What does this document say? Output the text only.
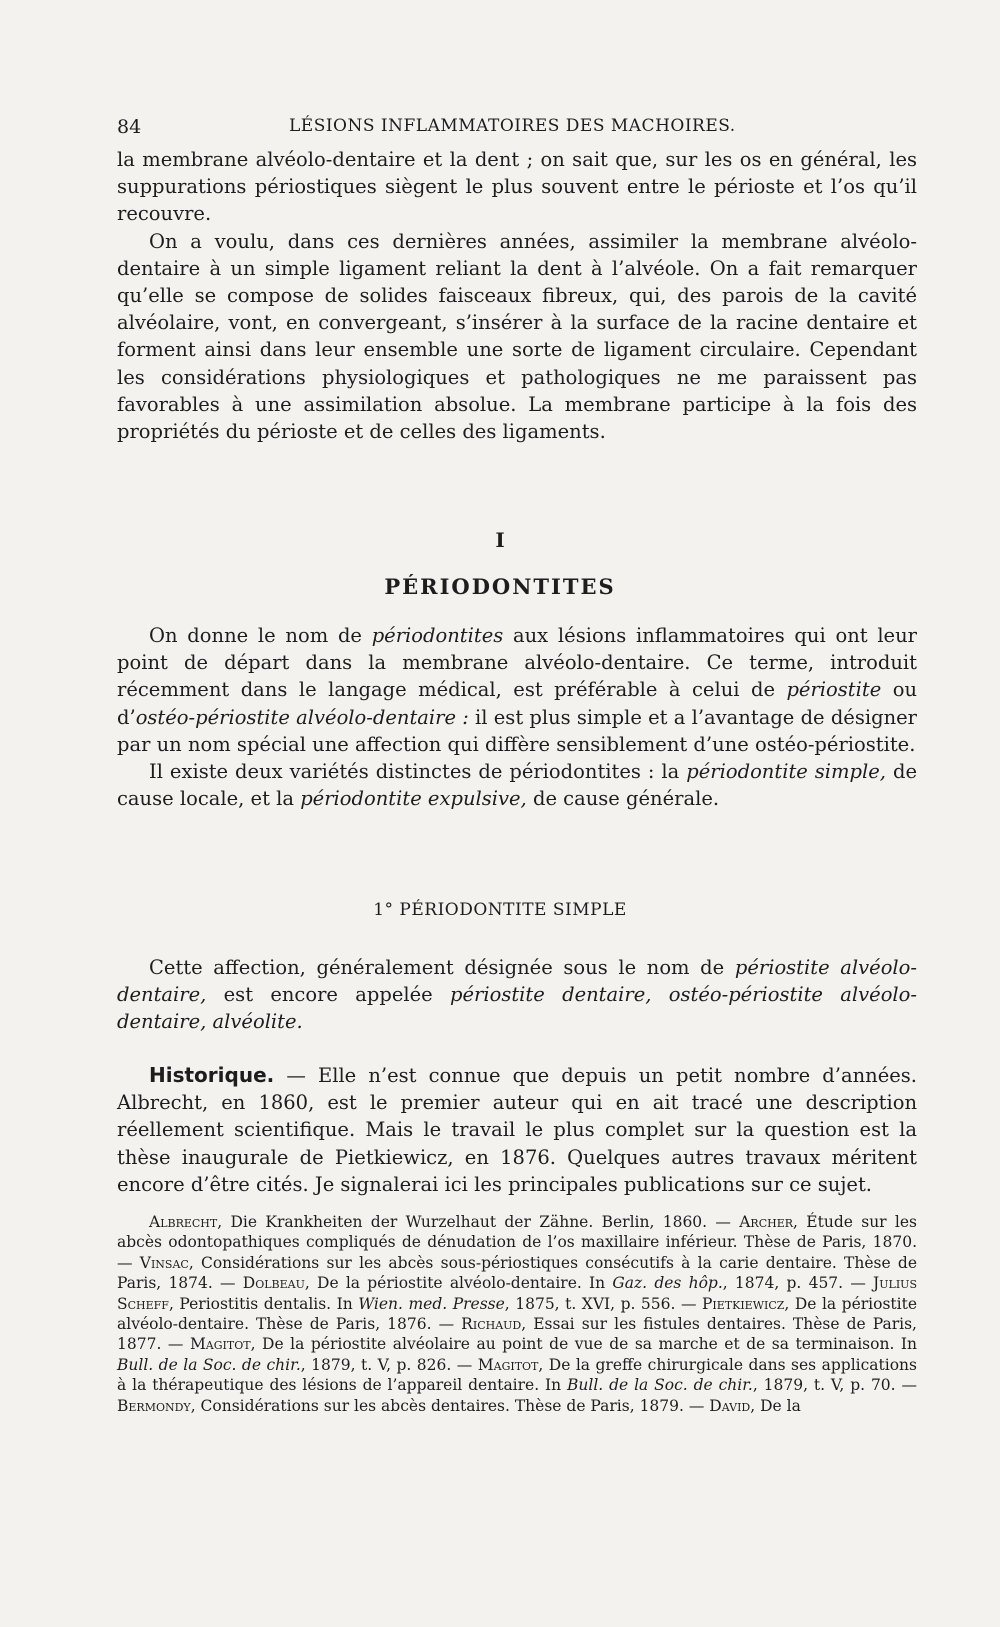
84	LÉSIONS INFLAMMATOIRES DES MACHOIRES.

la membrane alvéolo-dentaire et la dent ; on sait que, sur les os en général, les suppurations périostiques siègent le plus souvent entre le périoste et l’os qu’il recouvre.

On a voulu, dans ces dernières années, assimiler la membrane alvéolo-dentaire à un simple ligament reliant la dent à l’alvéole. On a fait remarquer qu’elle se compose de solides faisceaux fibreux, qui, des parois de la cavité alvéolaire, vont, en convergeant, s’insérer à la surface de la racine dentaire et forment ainsi dans leur ensemble une sorte de ligament circulaire. Cependant les considérations physiologiques et pathologiques ne me paraissent pas favorables à une assimilation absolue. La membrane participe à la fois des propriétés du périoste et de celles des ligaments.

I
PÉRIODONTITES

On donne le nom de périodontites aux lésions inflammatoires qui ont leur point de départ dans la membrane alvéolo-dentaire. Ce terme, introduit récemment dans le langage médical, est préférable à celui de périostite ou d’ostéo-périostite alvéolo-dentaire : il est plus simple et a l’avantage de désigner par un nom spécial une affection qui diffère sensiblement d’une ostéo-périostite.

Il existe deux variétés distinctes de périodontites : la périodontite simple, de cause locale, et la périodontite expulsive, de cause générale.

1° PÉRIODONTITE SIMPLE

Cette affection, généralement désignée sous le nom de périostite alvéolo-dentaire, est encore appelée périostite dentaire, ostéo-périostite alvéolo-dentaire, alvéolite.

Historique. — Elle n’est connue que depuis un petit nombre d’années. Albrecht, en 1860, est le premier auteur qui en ait tracé une description réellement scientifique. Mais le travail le plus complet sur la question est la thèse inaugurale de Pietkiewicz, en 1876. Quelques autres travaux méritent encore d’être cités. Je signalerai ici les principales publications sur ce sujet.

Albrecht, Die Krankheiten der Wurzelhaut der Zähne. Berlin, 1860. — Archer, Étude sur les abcès odontopathiques compliqués de dénudation de l’os maxillaire inférieur. Thèse de Paris, 1870. — Vinsac, Considérations sur les abcès sous-périostiques consécutifs à la carie dentaire. Thèse de Paris, 1874. — Dolbeau, De la périostite alvéolo-dentaire. In Gaz. des hôp., 1874, p. 457. — Julius Scheff, Periostitis dentalis. In Wien. med. Presse, 1875, t. XVI, p. 556. — Pietkiewicz, De la périostite alvéolo-dentaire. Thèse de Paris, 1876. — Richaud, Essai sur les fistules dentaires. Thèse de Paris, 1877. — Magitot, De la périostite alvéolaire au point de vue de sa marche et de sa terminaison. In Bull. de la Soc. de chir., 1879, t. V, p. 826. — Magitot, De la greffe chirurgicale dans ses applications à la thérapeutique des lésions de l’appareil dentaire. In Bull. de la Soc. de chir., 1879, t. V, p. 70. — Bermondy, Considérations sur les abcès dentaires. Thèse de Paris, 1879. — David, De la
